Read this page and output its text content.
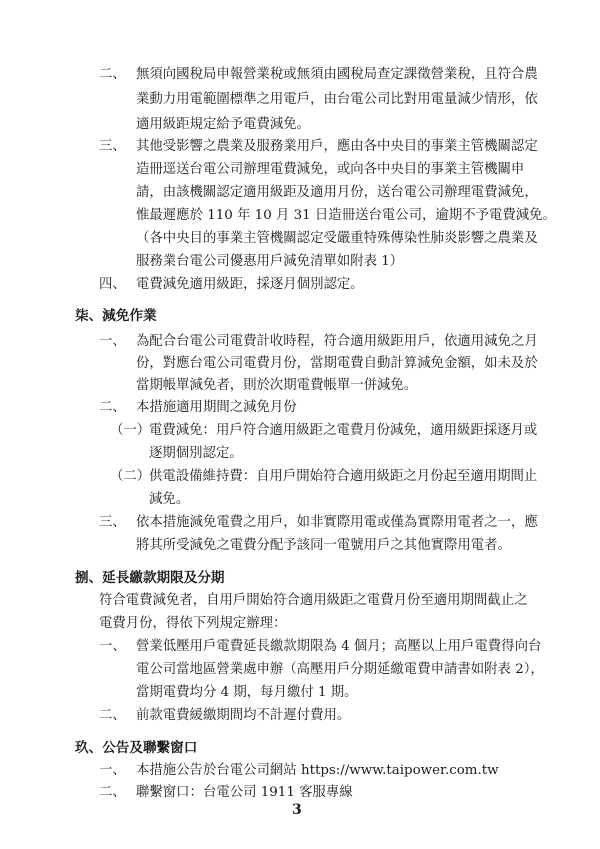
二、 無須向國稅局申報營業稅或無須由國稅局查定課徵營業稅，且符合農
業動力用電範圍標準之用電戶，由台電公司比對用電量減少情形，依
適用級距規定給予電費減免。
三、 其他受影響之農業及服務業用戶，應由各中央目的事業主管機關認定
造冊逕送台電公司辦理電費減免，或向各中央目的事業主管機關申
請，由該機關認定適用級距及適用月份，送台電公司辦理電費減免，
惟最遲應於 110 年 10 月 31 日造冊送台電公司，逾期不予電費減免。
（各中央目的事業主管機關認定受嚴重特殊傳染性肺炎影響之農業及
服務業台電公司優惠用戶減免清單如附表 1）
四、 電費減免適用級距，採逐月個別認定。
柒、減免作業
一、 為配合台電公司電費計收時程，符合適用級距用戶，依適用減免之月
份，對應台電公司電費月份，當期電費自動計算減免金額，如未及於
當期帳單減免者，則於次期電費帳單一併減免。
二、 本措施適用期間之減免月份
（一）
電費減免：用戶符合適用級距之電費月份減免，適用級距採逐月或
逐期個別認定。
（二）
供電設備維持費：自用戶開始符合適用級距之月份起至適用期間止
減免。
三、 依本措施減免電費之用戶，如非實際用電或僅為實際用電者之一，應
將其所受減免之電費分配予該同一電號用戶之其他實際用電者。
捌、延長繳款期限及分期
符合電費減免者，自用戶開始符合適用級距之電費月份至適用期間截止之
電費月份，得依下列規定辦理：
一、 營業低壓用戶電費延長繳款期限為 4 個月；高壓以上用戶電費得向台
電公司當地區營業處申辦（高壓用戶分期延繳電費申請書如附表 2），
當期電費均分 4 期，每月繳付 1 期。
二、 前款電費緩繳期間均不計遲付費用。
玖、公告及聯繫窗口
一、 本措施公告於台電公司網站 https://www.taipower.com.tw
二、 聯繫窗口：台電公司 1911 客服專線
3
